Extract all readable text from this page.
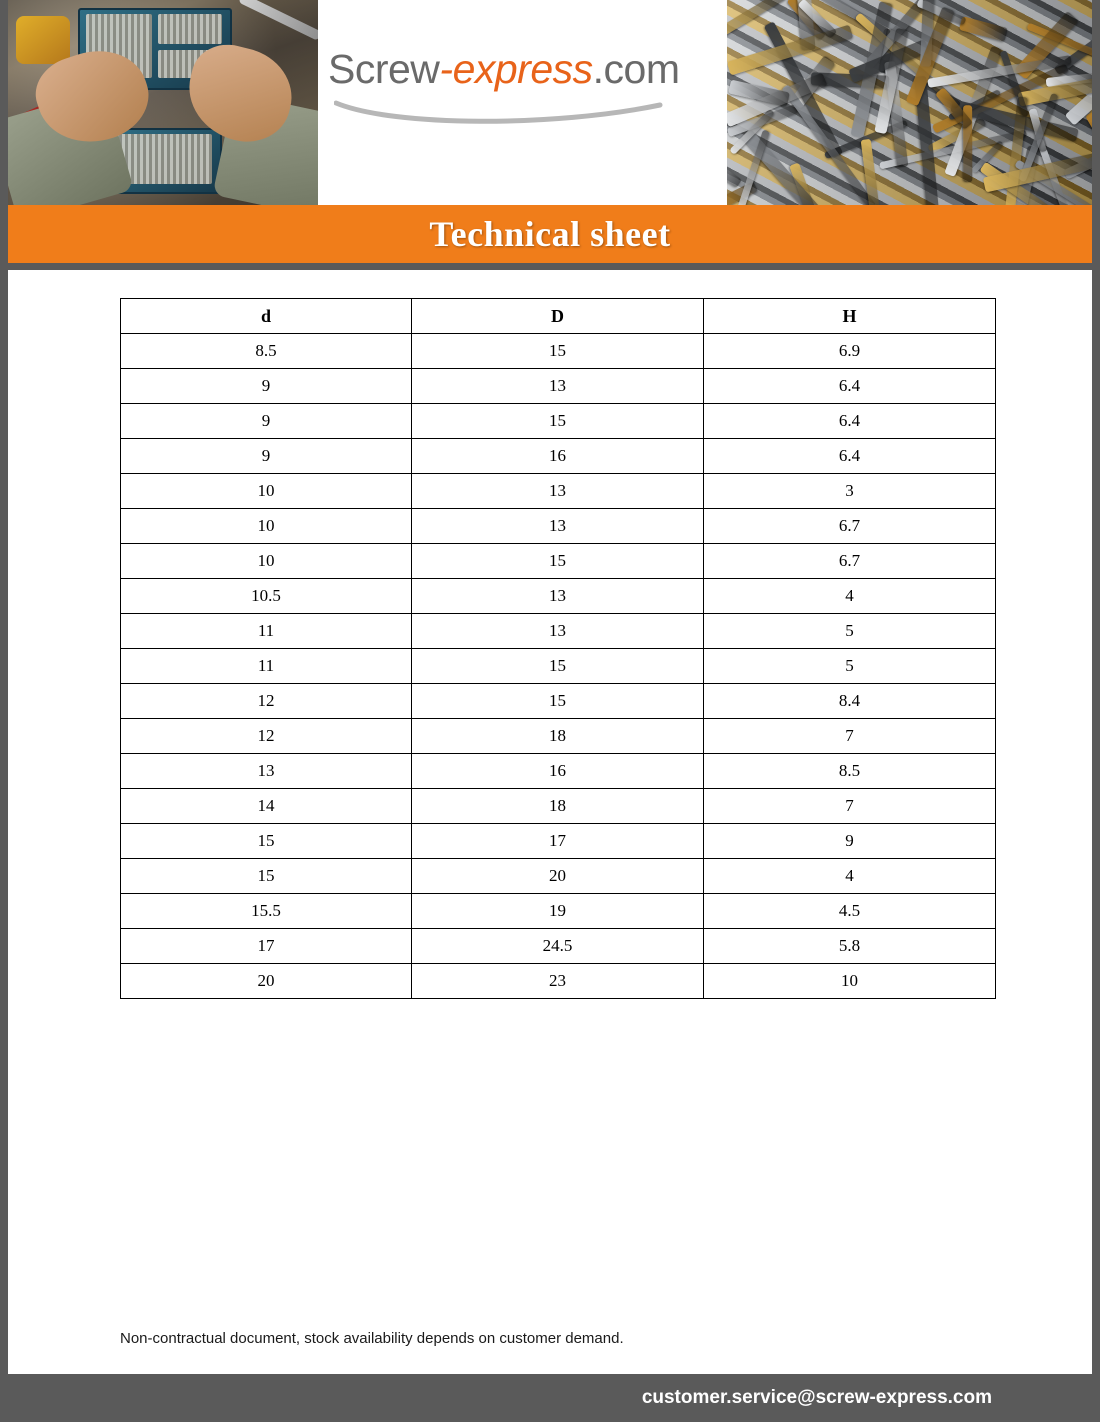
Screw-express.com
Technical sheet
d	D	H
8.5	15	6.9
9	13	6.4
9	15	6.4
9	16	6.4
10	13	3
10	13	6.7
10	15	6.7
10.5	13	4
11	13	5
11	15	5
12	15	8.4
12	18	7
13	16	8.5
14	18	7
15	17	9
15	20	4
15.5	19	4.5
17	24.5	5.8
20	23	10
Non-contractual document, stock availability depends on customer demand.
customer.service@screw-express.com
